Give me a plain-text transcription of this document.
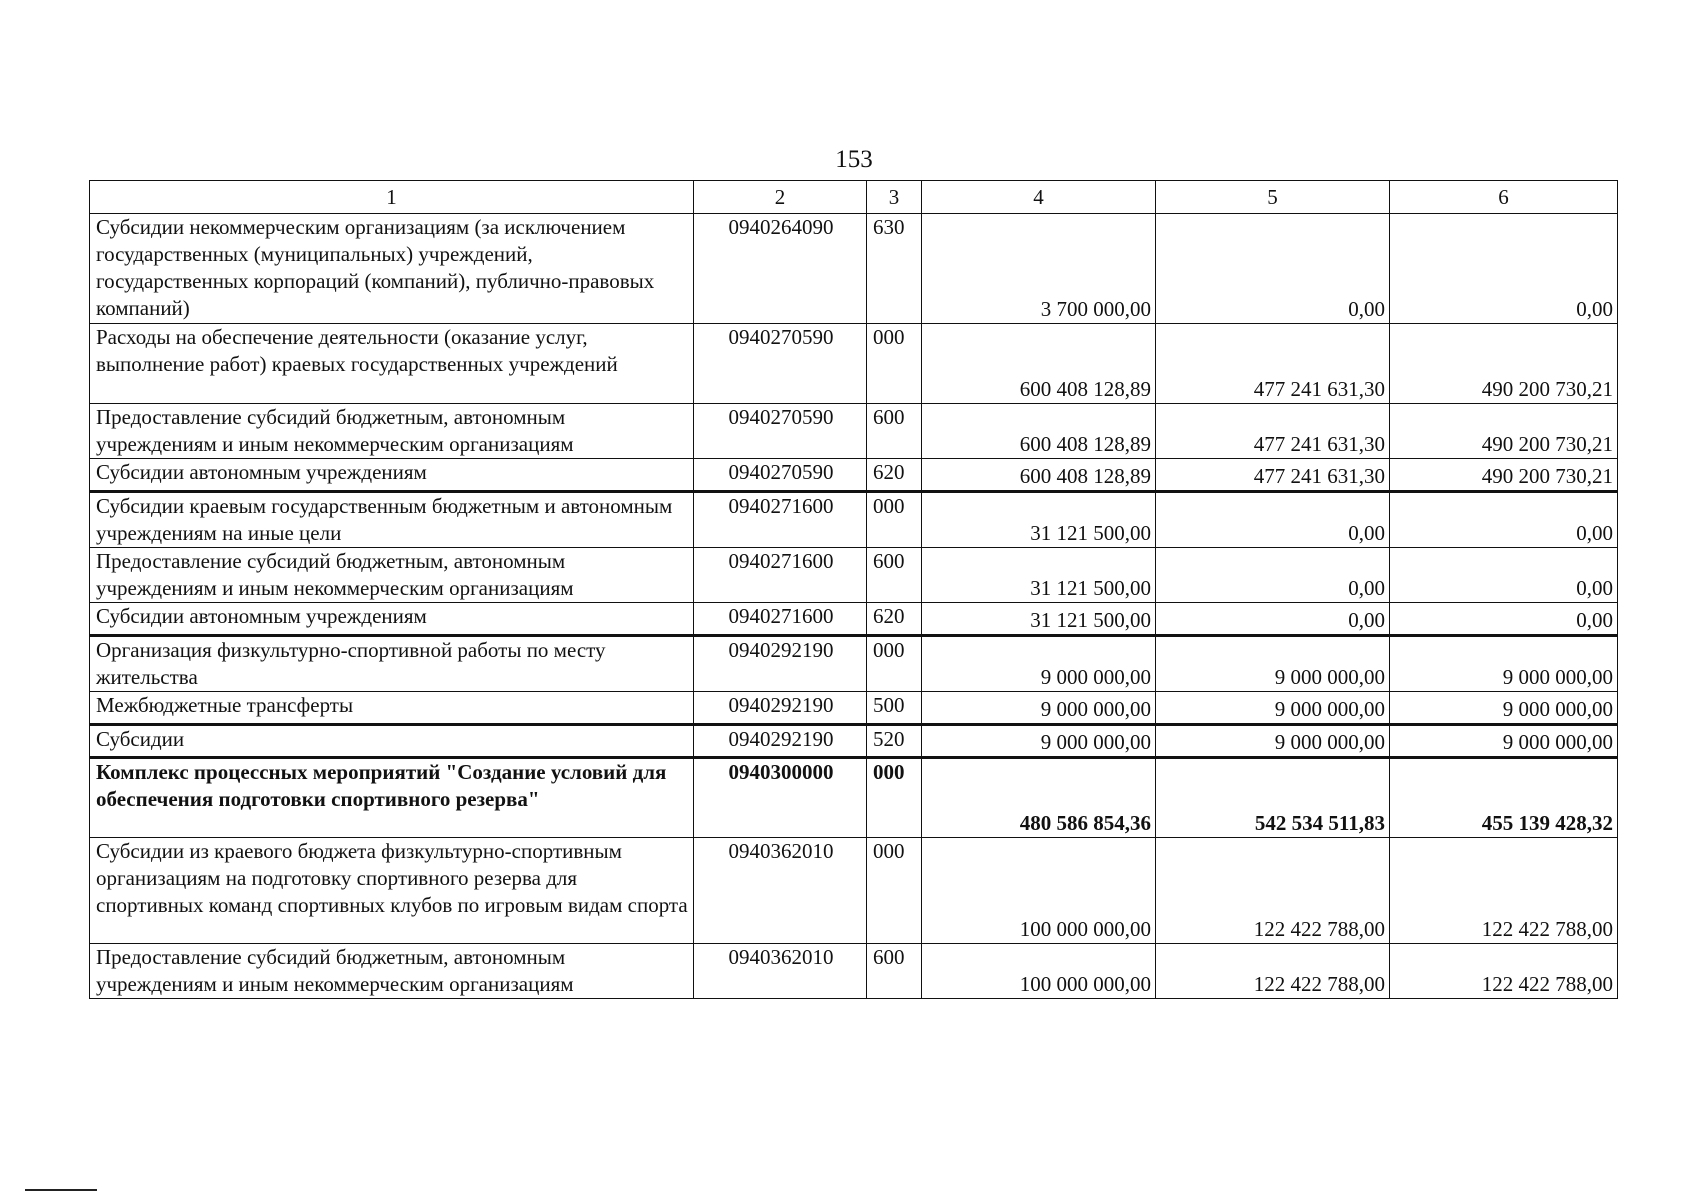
153
1	2	3	4	5	6
Субсидии некоммерческим организациям (за исключением государственных (муниципальных) учреждений, государственных корпораций (компаний), публично-правовых компаний)	0940264090	630	3 700 000,00	0,00	0,00
Расходы на обеспечение деятельности (оказание услуг, выполнение работ) краевых государственных учреждений	0940270590	000	600 408 128,89	477 241 631,30	490 200 730,21
Предоставление субсидий бюджетным, автономным учреждениям и иным некоммерческим организациям	0940270590	600	600 408 128,89	477 241 631,30	490 200 730,21
Субсидии автономным учреждениям	0940270590	620	600 408 128,89	477 241 631,30	490 200 730,21
Субсидии краевым государственным бюджетным и автономным учреждениям на иные цели	0940271600	000	31 121 500,00	0,00	0,00
Предоставление субсидий бюджетным, автономным учреждениям и иным некоммерческим организациям	0940271600	600	31 121 500,00	0,00	0,00
Субсидии автономным учреждениям	0940271600	620	31 121 500,00	0,00	0,00
Организация физкультурно-спортивной работы по месту жительства	0940292190	000	9 000 000,00	9 000 000,00	9 000 000,00
Межбюджетные трансферты	0940292190	500	9 000 000,00	9 000 000,00	9 000 000,00
Субсидии	0940292190	520	9 000 000,00	9 000 000,00	9 000 000,00
Комплекс процессных мероприятий "Создание условий для обеспечения подготовки спортивного резерва"	0940300000	000	480 586 854,36	542 534 511,83	455 139 428,32
Субсидии из краевого бюджета физкультурно-спортивным организациям на подготовку спортивного резерва для спортивных команд спортивных клубов по игровым видам спорта	0940362010	000	100 000 000,00	122 422 788,00	122 422 788,00
Предоставление субсидий бюджетным, автономным учреждениям и иным некоммерческим организациям	0940362010	600	100 000 000,00	122 422 788,00	122 422 788,00
